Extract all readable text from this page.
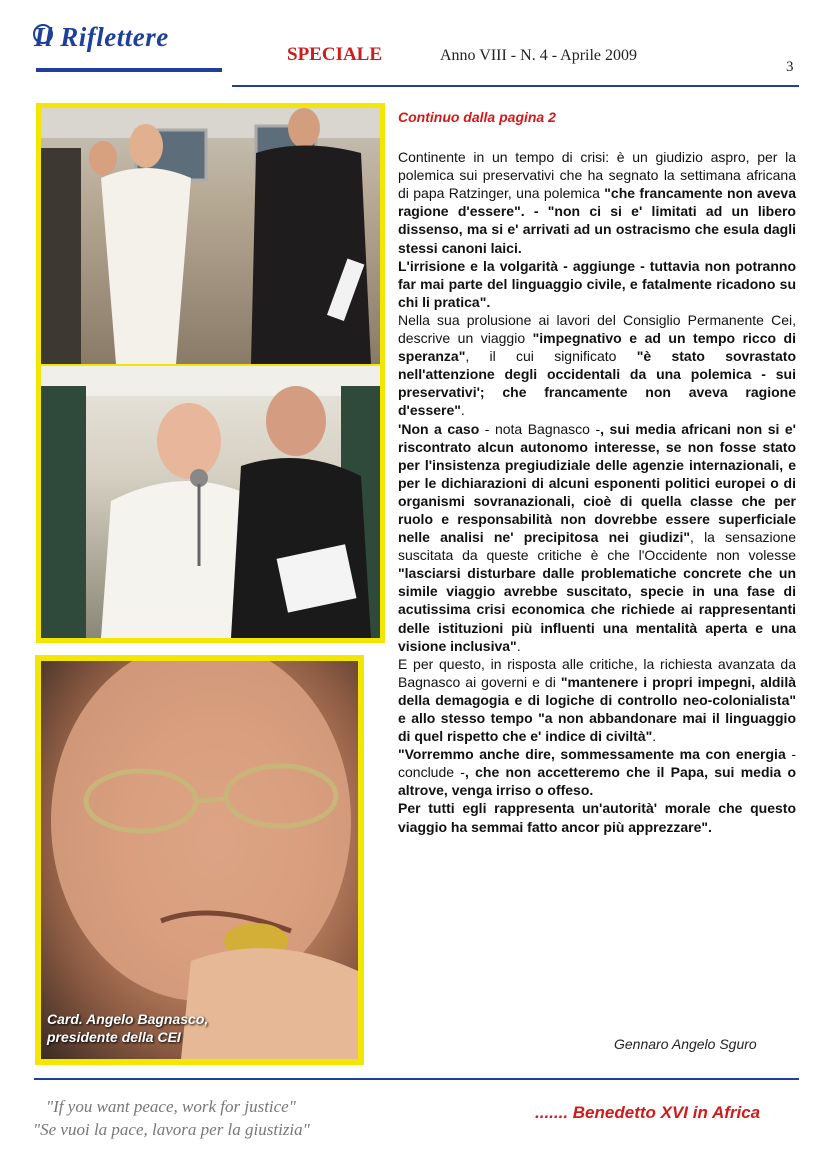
Il Riflettere
SPECIALE	Anno VIII - N. 4 - Aprile 2009
3
Card. Angelo Bagnasco,
presidente della CEI

Continuo dalla pagina 2

Continente in un tempo di crisi: è un giudizio aspro, per la polemica sui preservativi che ha segnato la settimana africana di papa Ratzinger, una polemica "che francamente non aveva ragione d'essere". - "non ci si e' limitati ad un libero dissenso, ma si e' arrivati ad un ostracismo che esula dagli stessi canoni laici.

L'irrisione e la volgarità - aggiunge - tuttavia non potranno far mai parte del linguaggio civile, e fatalmente ricadono su chi li pratica".

Nella sua prolusione ai lavori del Consiglio Permanente Cei, descrive un viaggio "impegnativo e ad un tempo ricco di speranza", il cui significato "è stato sovrastato nell'attenzione degli occidentali da una polemica - sui preservativi'; che francamente non aveva ragione d'essere".

'Non a caso - nota Bagnasco -, sui media africani non si e' riscontrato alcun autonomo interesse, se non fosse stato per l'insistenza pregiudiziale delle agenzie internazionali, e per le dichiarazioni di alcuni esponenti politici europei o di organismi sovranazionali, cioè di quella classe che per ruolo e responsabilità non dovrebbe essere superficiale nelle analisi ne' precipitosa nei giudizi", la sensazione suscitata da queste critiche è che l'Occidente non volesse "lasciarsi disturbare dalle problematiche concrete che un simile viaggio avrebbe suscitato, specie in una fase di acutissima crisi economica che richiede ai rappresentanti delle istituzioni più influenti una mentalità aperta e una visione inclusiva".

E per questo, in risposta alle critiche, la richiesta avanzata da Bagnasco ai governi e di "mantenere i propri impegni, aldilà della demagogia e di logiche di controllo neo-colonialista" e allo stesso tempo "a non abbandonare mai il linguaggio di quel rispetto che e' indice di civiltà".

"Vorremmo anche dire, sommessamente ma con energia - conclude -, che non accetteremo che il Papa, sui media o altrove, venga irriso o offeso.

Per tutti egli rappresenta un'autorità' morale che questo viaggio ha semmai fatto ancor più apprezzare".

Gennaro Angelo Sguro
"If you want peace, work for justice"
"Se vuoi la pace, lavora per la giustizia"
....... Benedetto XVI in Africa
